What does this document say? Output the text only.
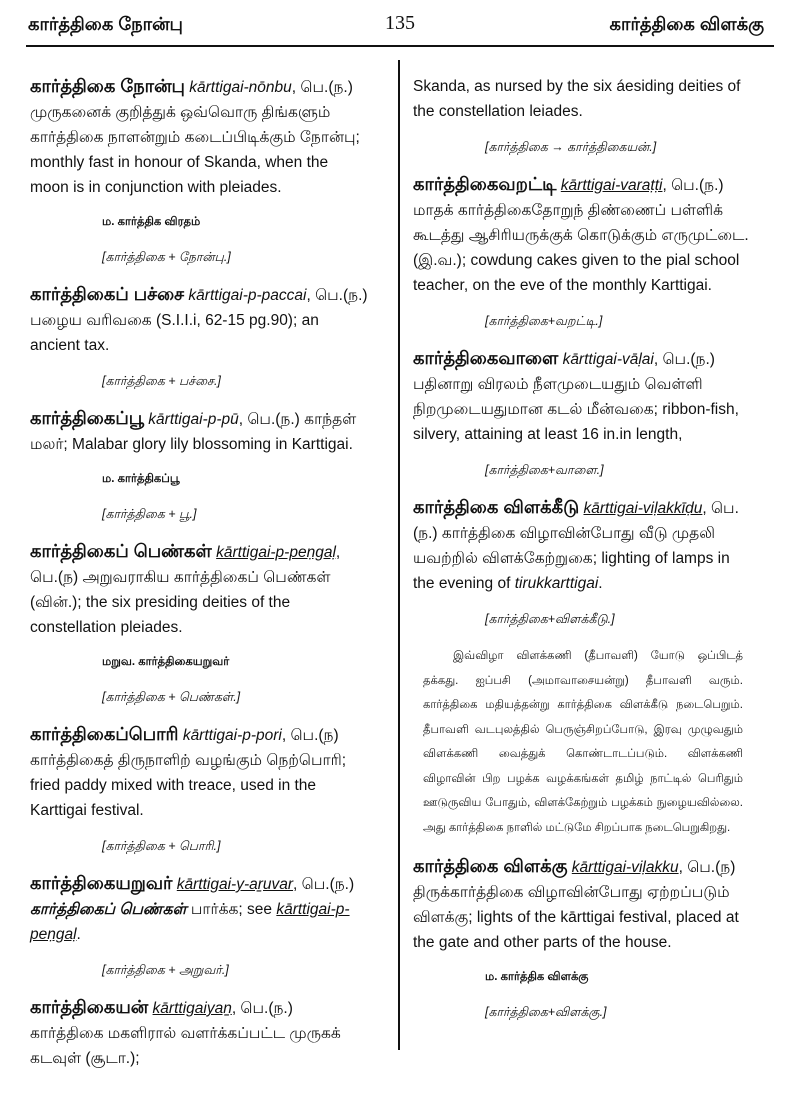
கார்த்திகை நோன்பு	135	கார்த்திகை விளக்கு
கார்த்திகை நோன்பு kārttigai-nōnbu, பெ.(ந.) முருகனைக் குறித்துக் ஒவ்வொரு திங்களும் கார்த்திகை நாளன்றும் கடைப்பிடிக்கும் நோன்பு; monthly fast in honour of Skanda, when the moon is in conjunction with pleiades.
ம. கார்த்திக விரதம்
[கார்த்திகை + நோன்பு.]
கார்த்திகைப் பச்சை kārttigai-p-paccai, பெ.(ந.) பழைய வரிவகை (S.I.I.i, 62-15 pg.90); an ancient tax.
[கார்த்திகை + பச்சை.]
கார்த்திகைப்பூ kārttigai-p-pū, பெ.(ந.) காந்தள் மலர்; Malabar glory lily blossoming in Karttigai.
ம. கார்த்திகப்பூ
[கார்த்திகை + பூ.]
கார்த்திகைப் பெண்கள் kārttigai-p-peṇgaḷ, பெ.(ந) அறுவராகிய கார்த்திகைப் பெண்கள் (வின்.); the six presiding deities of the constellation pleiades.
மறுவ. கார்த்திகையறுவர்
[கார்த்திகை + பெண்கள்.]
கார்த்திகைப்பொரி kārttigai-p-pori, பெ.(ந) கார்த்திகைத் திருநாளிற் வழங்கும் நெற்பொரி; fried paddy mixed with treace, used in the Karttigai festival.
[கார்த்திகை + பொரி.]
கார்த்திகையறுவர் kārttigai-y-aṟuvar, பெ.(ந.) கார்த்திகைப் பெண்கள் பார்க்க; see kārttigai-p-peṇgaḷ.
[கார்த்திகை + அறுவர்.]
கார்த்திகையன் kārttigaiyaṉ, பெ.(ந.) கார்த்திகை மகளிரால் வளர்க்கப்பட்ட முருகக் கடவுள் (சூடா.);
Skanda, as nursed by the six áesiding deities of the constellation leiades.
[கார்த்திகை → கார்த்திகையன்.]
கார்த்திகைவறட்டி kārttigai-varaṭṭi, பெ.(ந.) மாதக் கார்த்திகைதோறுந் திண்ணைப் பள்ளிக் கூடத்து ஆசிரியருக்குக் கொடுக்கும் எருமுட்டை. (இ.வ.); cowdung cakes given to the pial school teacher, on the eve of the monthly Karttigai.
[கார்த்திகை+வறட்டி.]
கார்த்திகைவாளை kārttigai-vāḷai, பெ.(ந.) பதினாறு விரலம் நீளமுடையதும் வெள்ளி நிறமுடையதுமான கடல் மீன்வகை; ribbon-fish, silvery, attaining at least 16 in.in length,
[கார்த்திகை+வாளை.]
கார்த்திகை விளக்கீடு kārttigai-viḷakkīḍu, பெ.(ந.) கார்த்திகை விழாவின்போது வீடு முதலி யவற்றில் விளக்கேற்றுகை; lighting of lamps in the evening of tirukkarttigai.
[கார்த்திகை+விளக்கீடு.]
இவ்விழா விளக்கணி (தீபாவளி) யோடு ஒப்பிடத் தக்கது. ஐப்பசி (அமாவாசையன்று) தீபாவளி வரும். கார்த்திகை மதியத்தன்று கார்த்திகை விளக்கீடு நடைபெறும். தீபாவளி வடபுலத்தில் பெருஞ்சிறப்போடு, இரவு முழுவதும் விளக்கணி வைத்துக் கொண்டாடப்படும். விளக்கணி விழாவின் பிற பழக்க வழக்கங்கள் தமிழ் நாட்டில் பெரிதும் ஊடுருவிய போதும், விளக்கேற்றும் பழக்கம் நுழையவில்லை. அது கார்த்திகை நாளில் மட்டுமே சிறப்பாக நடைபெறுகிறது.
கார்த்திகை விளக்கு kārttigai-viḷakku, பெ.(ந) திருக்கார்த்திகை விழாவின்போது ஏற்றப்படும் விளக்கு; lights of the kārttigai festival, placed at the gate and other parts of the house.
ம. கார்த்திக விளக்கு
[கார்த்திகை+விளக்கு.]
